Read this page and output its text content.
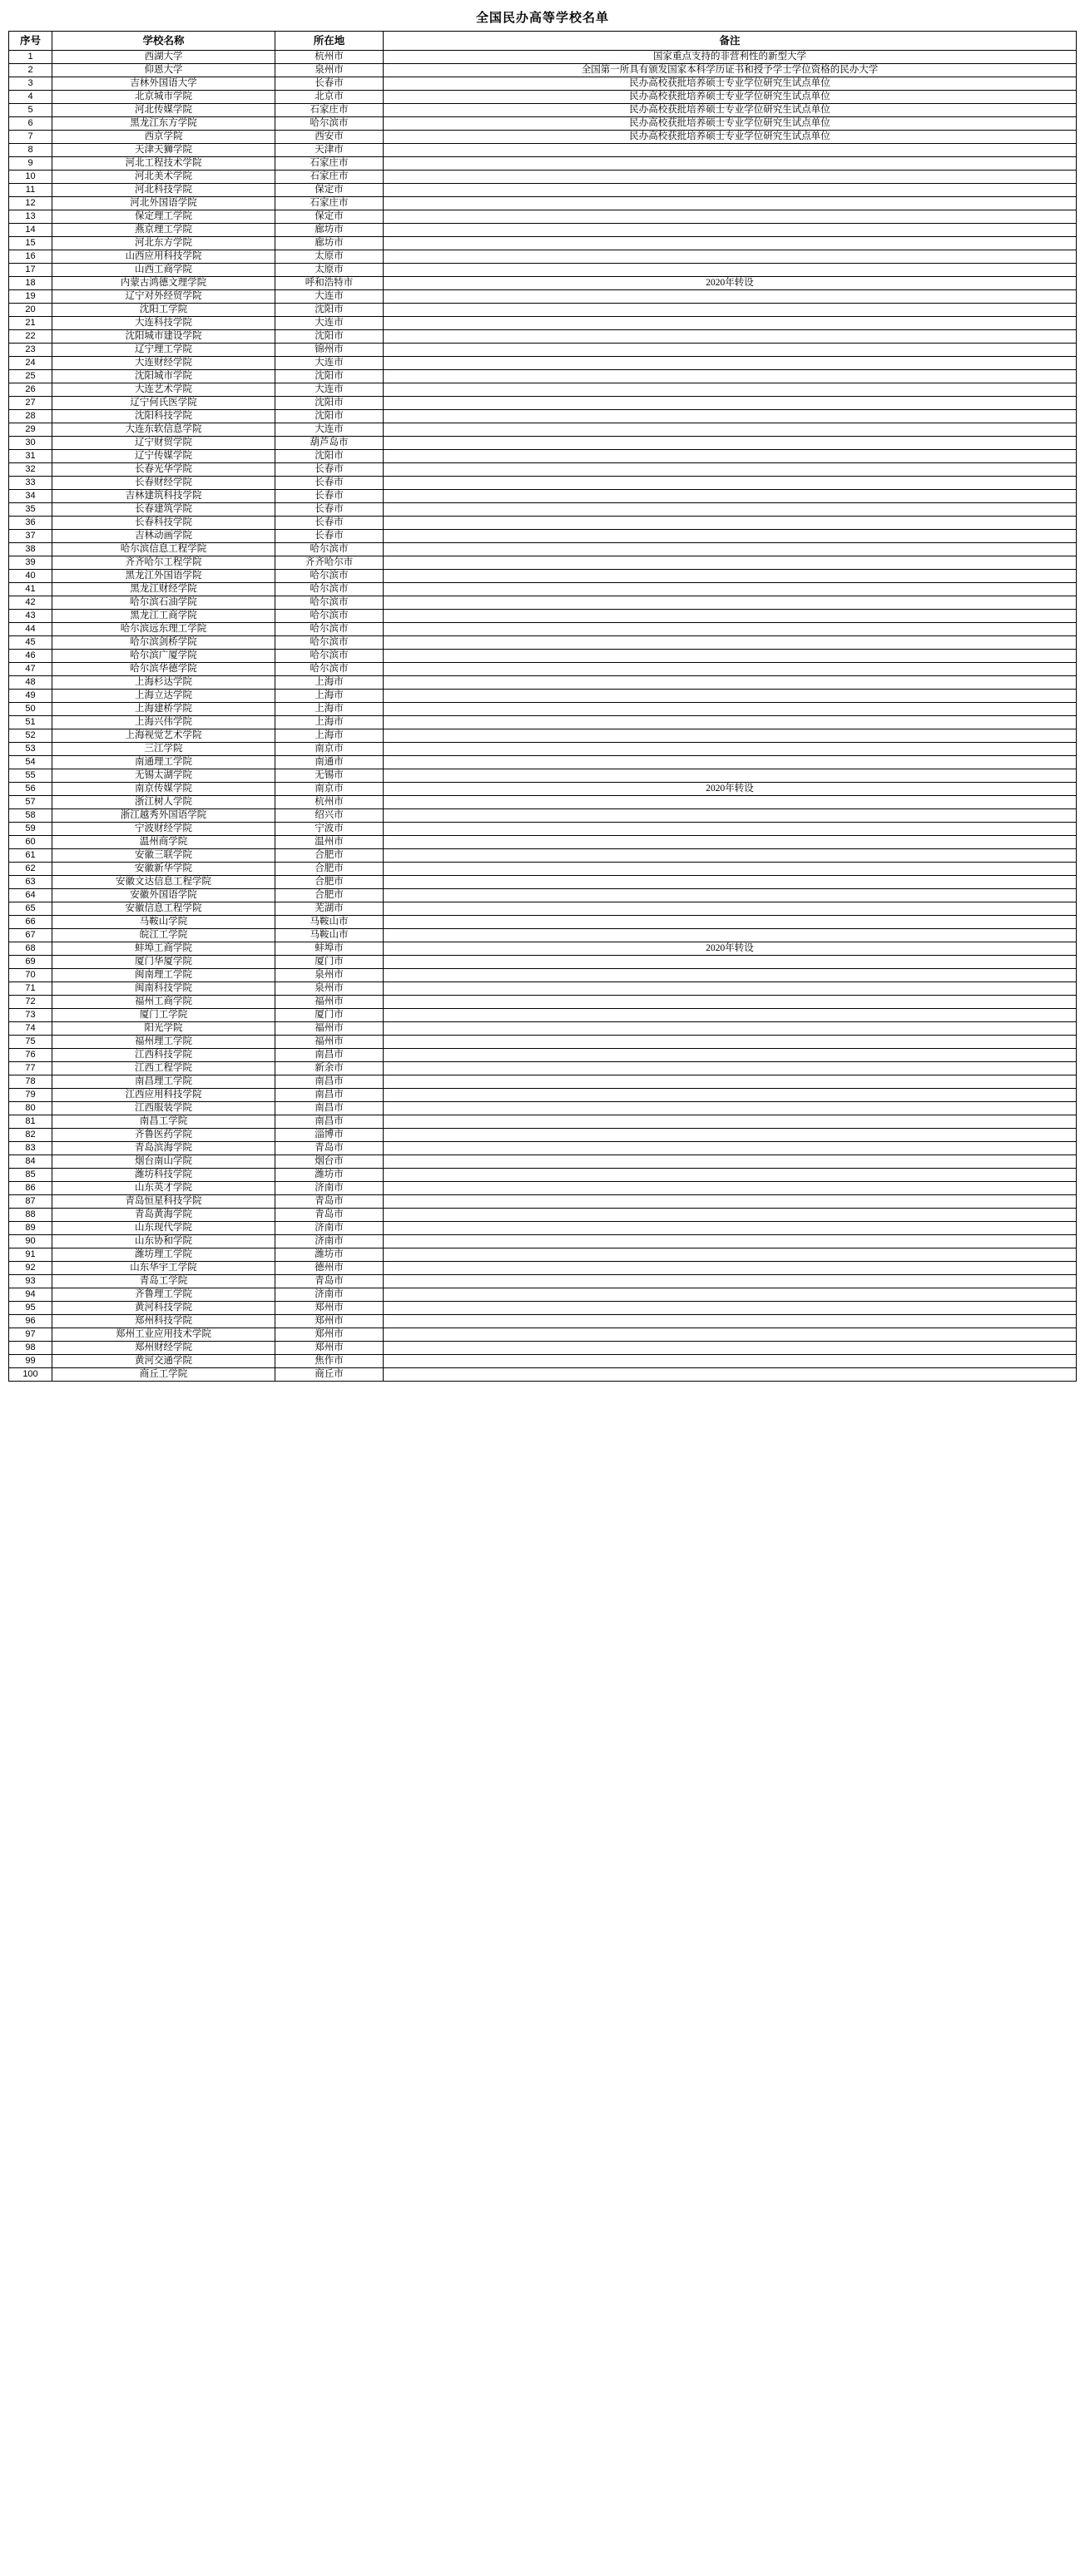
全国民办高等学校名单
序号	学校名称	所在地	备注
1	西湖大学	杭州市	国家重点支持的非营利性的新型大学
2	仰恩大学	泉州市	全国第一所具有颁发国家本科学历证书和授予学士学位资格的民办大学
3	吉林外国语大学	长春市	民办高校获批培养硕士专业学位研究生试点单位
4	北京城市学院	北京市	民办高校获批培养硕士专业学位研究生试点单位
5	河北传媒学院	石家庄市	民办高校获批培养硕士专业学位研究生试点单位
6	黑龙江东方学院	哈尔滨市	民办高校获批培养硕士专业学位研究生试点单位
7	西京学院	西安市	民办高校获批培养硕士专业学位研究生试点单位
8	天津天狮学院	天津市	
9	河北工程技术学院	石家庄市	
10	河北美术学院	石家庄市	
11	河北科技学院	保定市	
12	河北外国语学院	石家庄市	
13	保定理工学院	保定市	
14	燕京理工学院	廊坊市	
15	河北东方学院	廊坊市	
16	山西应用科技学院	太原市	
17	山西工商学院	太原市	
18	内蒙古鸿德文理学院	呼和浩特市	2020年转设
19	辽宁对外经贸学院	大连市	
20	沈阳工学院	沈阳市	
21	大连科技学院	大连市	
22	沈阳城市建设学院	沈阳市	
23	辽宁理工学院	锦州市	
24	大连财经学院	大连市	
25	沈阳城市学院	沈阳市	
26	大连艺术学院	大连市	
27	辽宁何氏医学院	沈阳市	
28	沈阳科技学院	沈阳市	
29	大连东软信息学院	大连市	
30	辽宁财贸学院	葫芦岛市	
31	辽宁传媒学院	沈阳市	
32	长春光华学院	长春市	
33	长春财经学院	长春市	
34	吉林建筑科技学院	长春市	
35	长春建筑学院	长春市	
36	长春科技学院	长春市	
37	吉林动画学院	长春市	
38	哈尔滨信息工程学院	哈尔滨市	
39	齐齐哈尔工程学院	齐齐哈尔市	
40	黑龙江外国语学院	哈尔滨市	
41	黑龙江财经学院	哈尔滨市	
42	哈尔滨石油学院	哈尔滨市	
43	黑龙江工商学院	哈尔滨市	
44	哈尔滨远东理工学院	哈尔滨市	
45	哈尔滨剑桥学院	哈尔滨市	
46	哈尔滨广厦学院	哈尔滨市	
47	哈尔滨华德学院	哈尔滨市	
48	上海杉达学院	上海市	
49	上海立达学院	上海市	
50	上海建桥学院	上海市	
51	上海兴伟学院	上海市	
52	上海视觉艺术学院	上海市	
53	三江学院	南京市	
54	南通理工学院	南通市	
55	无锡太湖学院	无锡市	
56	南京传媒学院	南京市	2020年转设
57	浙江树人学院	杭州市	
58	浙江越秀外国语学院	绍兴市	
59	宁波财经学院	宁波市	
60	温州商学院	温州市	
61	安徽三联学院	合肥市	
62	安徽新华学院	合肥市	
63	安徽文达信息工程学院	合肥市	
64	安徽外国语学院	合肥市	
65	安徽信息工程学院	芜湖市	
66	马鞍山学院	马鞍山市	
67	皖江工学院	马鞍山市	
68	蚌埠工商学院	蚌埠市	2020年转设
69	厦门华厦学院	厦门市	
70	闽南理工学院	泉州市	
71	闽南科技学院	泉州市	
72	福州工商学院	福州市	
73	厦门工学院	厦门市	
74	阳光学院	福州市	
75	福州理工学院	福州市	
76	江西科技学院	南昌市	
77	江西工程学院	新余市	
78	南昌理工学院	南昌市	
79	江西应用科技学院	南昌市	
80	江西服装学院	南昌市	
81	南昌工学院	南昌市	
82	齐鲁医药学院	淄博市	
83	青岛滨海学院	青岛市	
84	烟台南山学院	烟台市	
85	潍坊科技学院	潍坊市	
86	山东英才学院	济南市	
87	青岛恒星科技学院	青岛市	
88	青岛黄海学院	青岛市	
89	山东现代学院	济南市	
90	山东协和学院	济南市	
91	潍坊理工学院	潍坊市	
92	山东华宇工学院	德州市	
93	青岛工学院	青岛市	
94	齐鲁理工学院	济南市	
95	黄河科技学院	郑州市	
96	郑州科技学院	郑州市	
97	郑州工业应用技术学院	郑州市	
98	郑州财经学院	郑州市	
99	黄河交通学院	焦作市	
100	商丘工学院	商丘市	
